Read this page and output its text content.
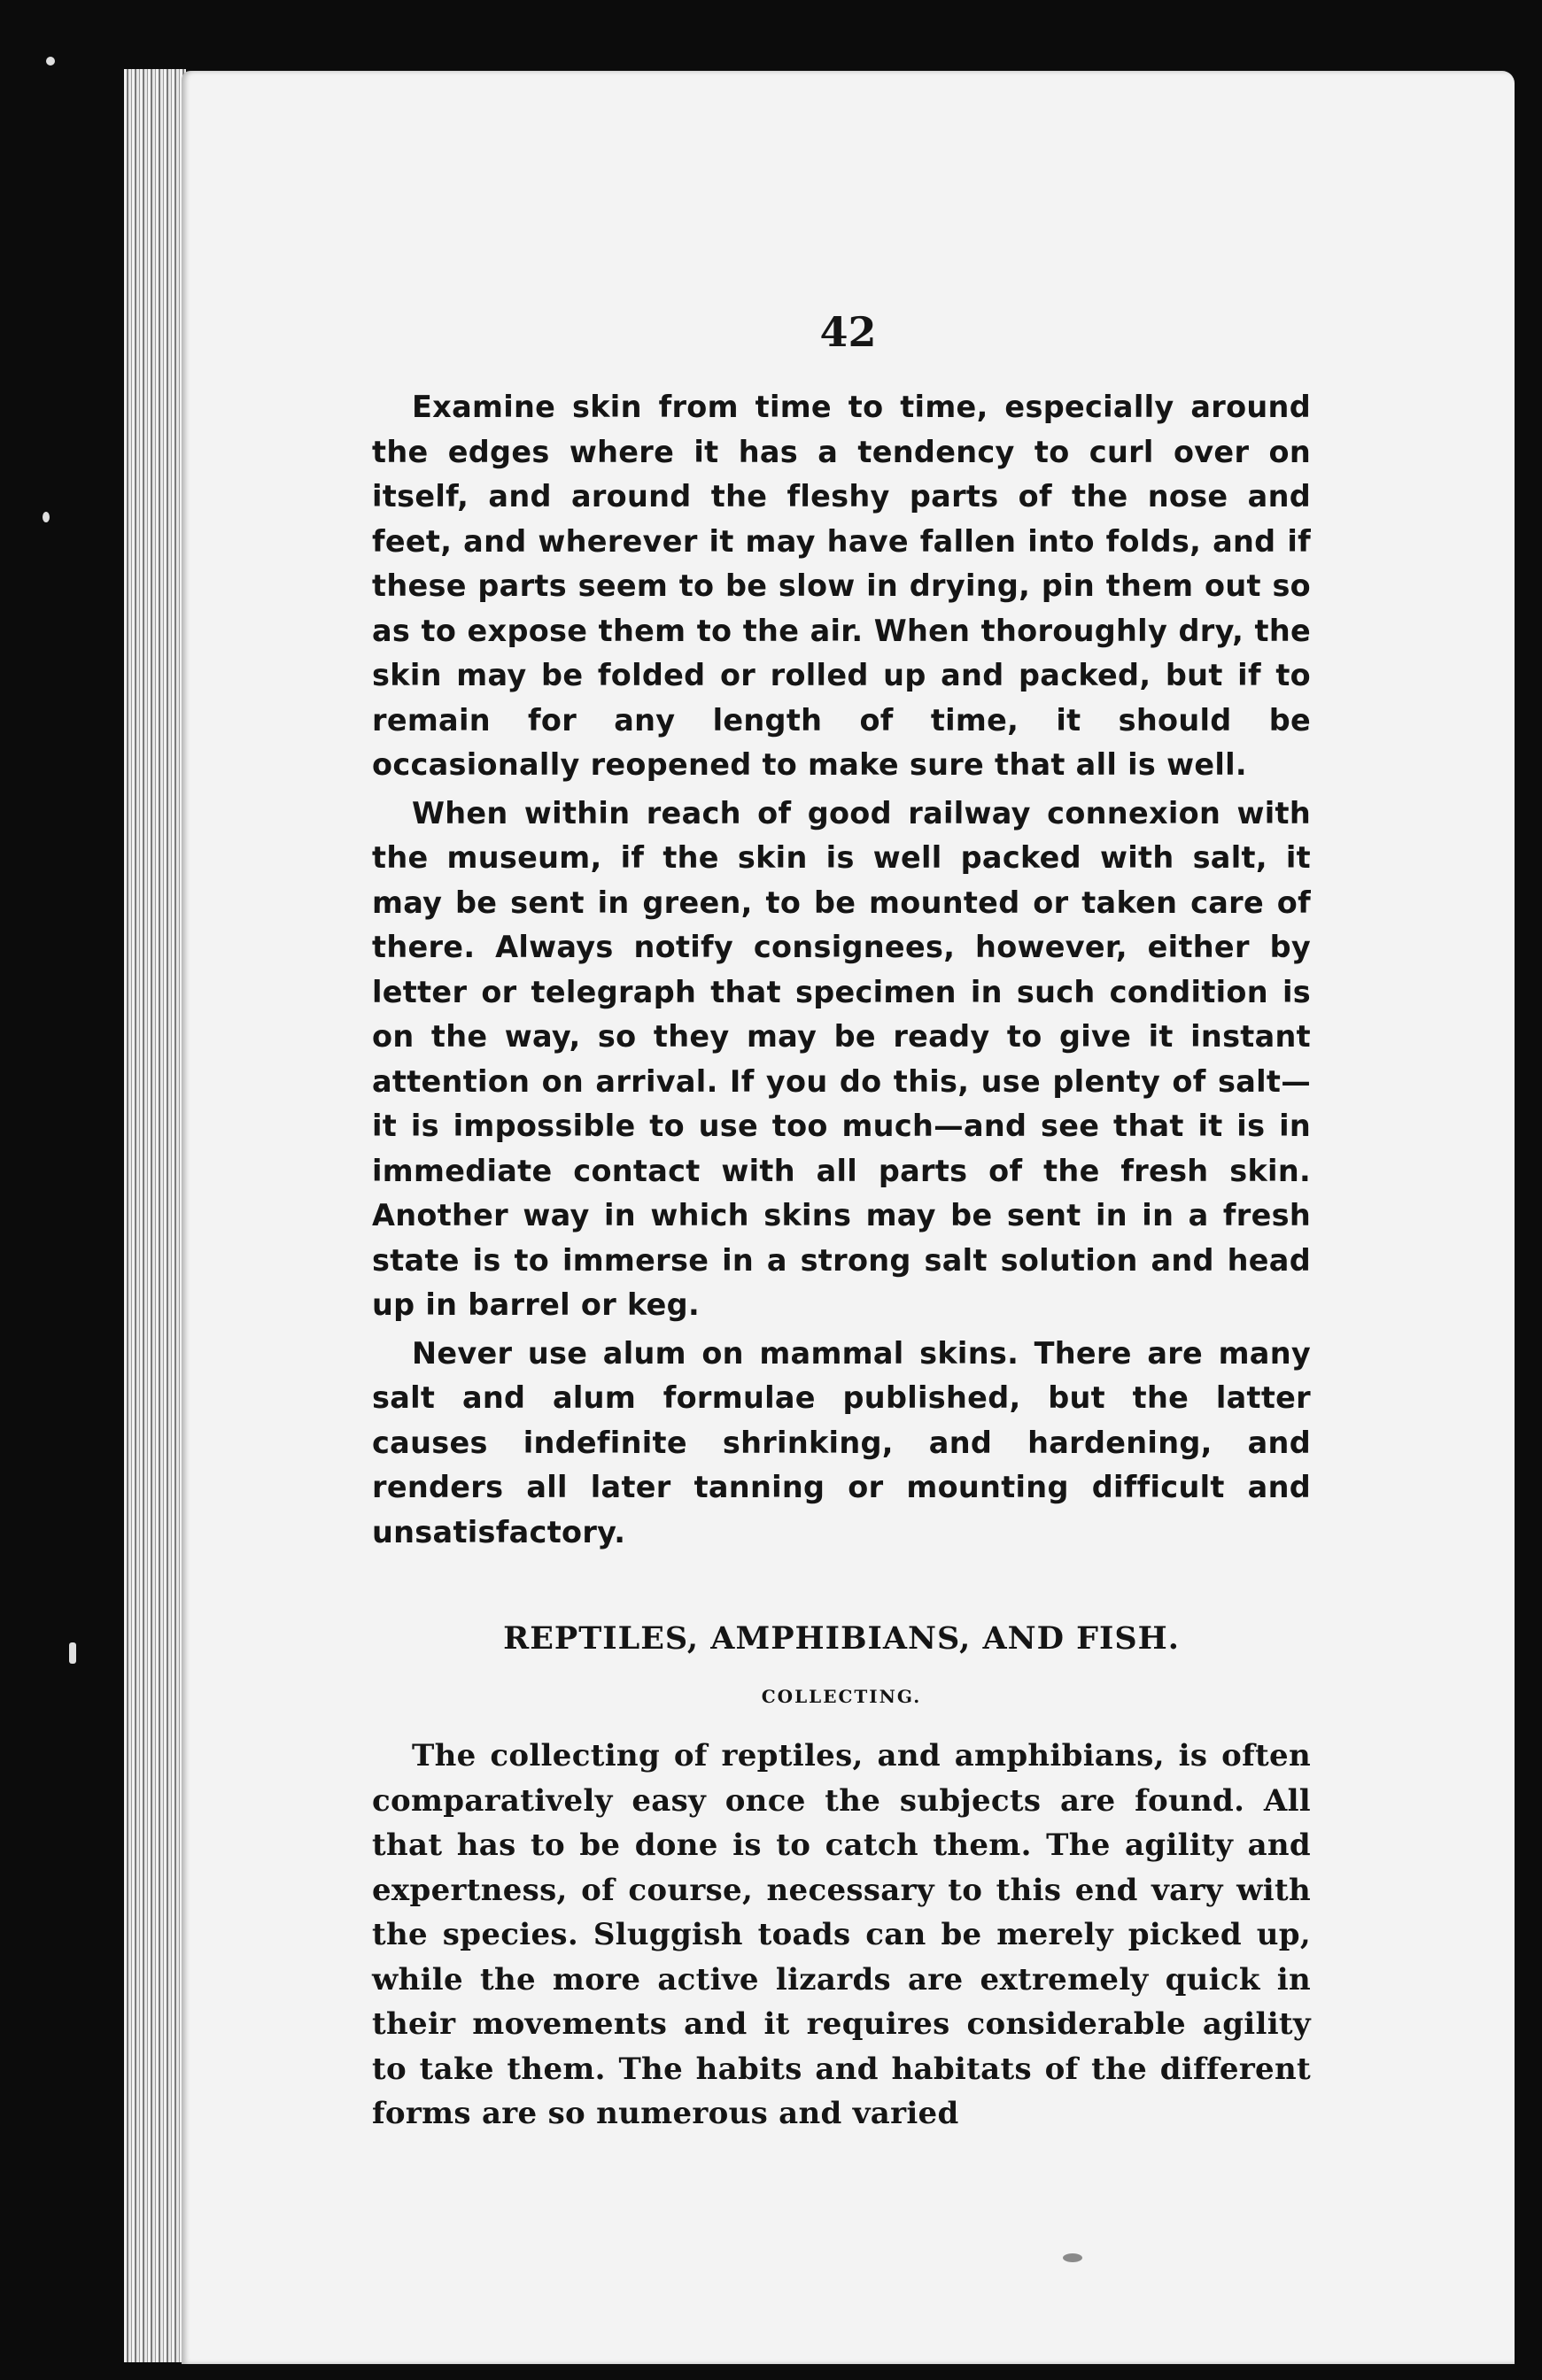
42

Examine skin from time to time, especially around the edges where it has a tendency to curl over on itself, and around the fleshy parts of the nose and feet, and wherever it may have fallen into folds, and if these parts seem to be slow in drying, pin them out so as to expose them to the air. When thoroughly dry, the skin may be folded or rolled up and packed, but if to remain for any length of time, it should be occasionally reopened to make sure that all is well.

When within reach of good railway connexion with the museum, if the skin is well packed with salt, it may be sent in green, to be mounted or taken care of there. Always notify consignees, however, either by letter or telegraph that specimen in such condition is on the way, so they may be ready to give it instant attention on arrival. If you do this, use plenty of salt—it is impossible to use too much—and see that it is in immediate contact with all parts of the fresh skin. Another way in which skins may be sent in in a fresh state is to immerse in a strong salt solution and head up in barrel or keg.

Never use alum on mammal skins. There are many salt and alum formulae published, but the latter causes indefinite shrinking, and hardening, and renders all later tanning or mounting difficult and unsatisfactory.

REPTILES, AMPHIBIANS, AND FISH.
COLLECTING.

The collecting of reptiles, and amphibians, is often comparatively easy once the subjects are found. All that has to be done is to catch them. The agility and expertness, of course, necessary to this end vary with the species. Sluggish toads can be merely picked up, while the more active lizards are extremely quick in their movements and it requires considerable agility to take them. The habits and habitats of the different forms are so numerous and varied
